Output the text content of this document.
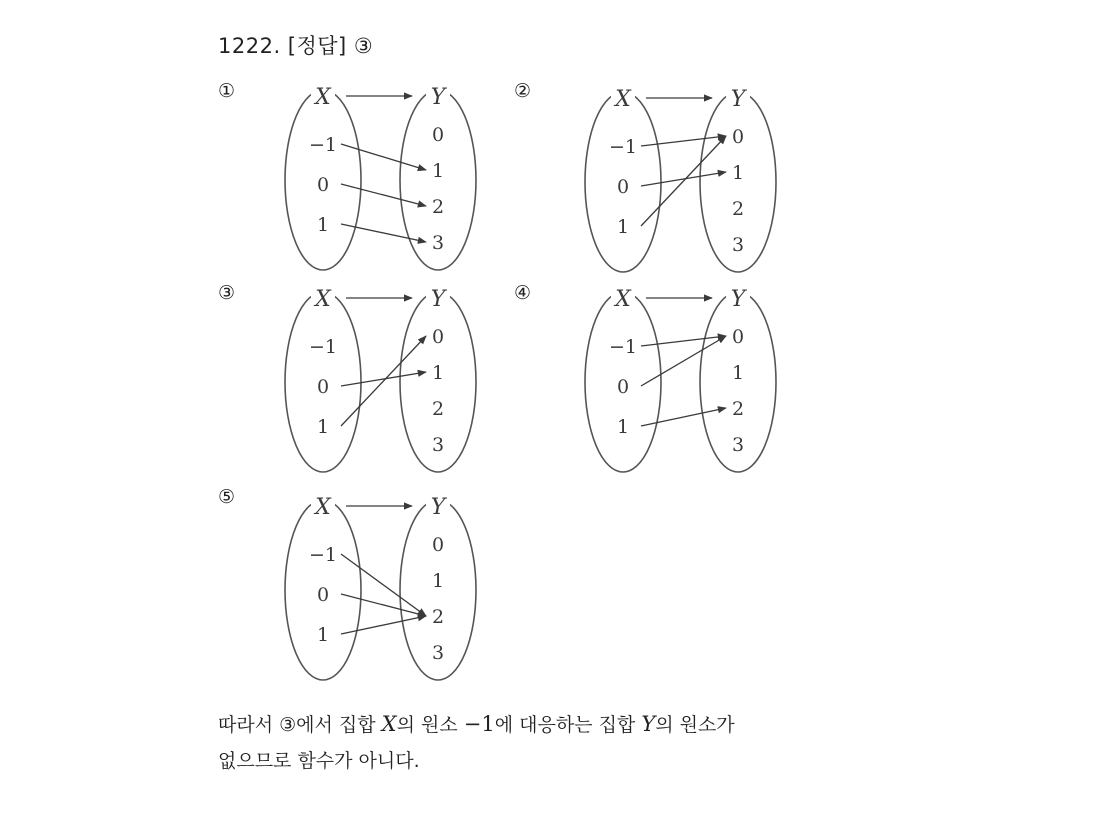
1222. [정답] ③
①	X	Y
−1
0
1
0
1
2
3
②	X	Y
−1
0
1
0
1
2
3
③	X	Y
−1
0
1
0
1
2
3
④	X	Y
−1
0
1
0
1
2
3
⑤	X	Y
−1
0
1
0
1
2
3
따라서 ③에서 집합 X의 원소 −1에 대응하는 집합 Y의 원소가
없으므로 함수가 아니다.
